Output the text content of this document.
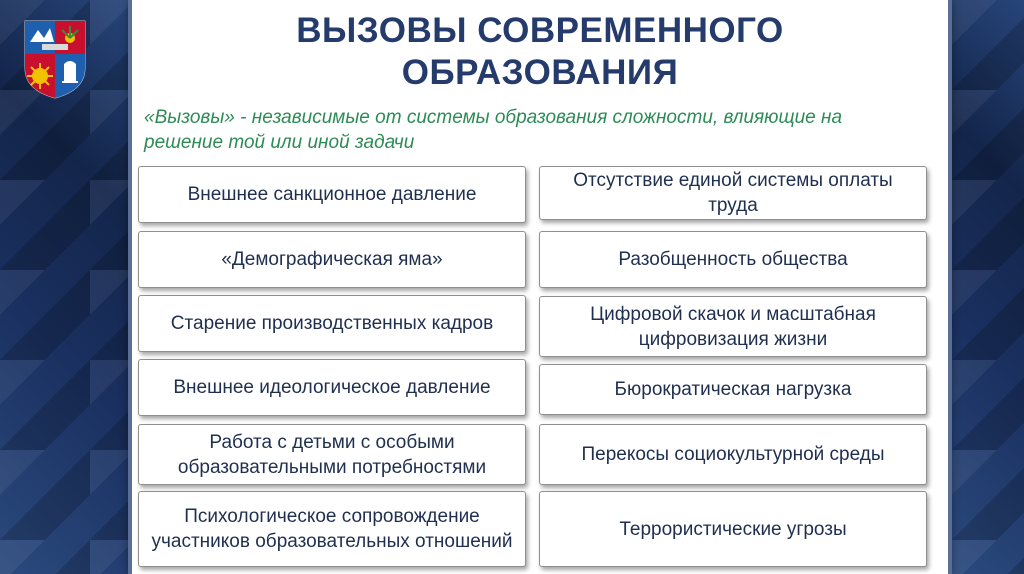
ВЫЗОВЫ СОВРЕМЕННОГО
ОБРАЗОВАНИЯ
«Вызовы» - независимые от системы образования сложности, влияющие на решение той или иной задачи
Внешнее санкционное давление
«Демографическая яма»
Старение производственных кадров
Внешнее идеологическое давление
Работа с детьми с особыми образовательными потребностями
Психологическое сопровождение участников образовательных отношений
Отсутствие единой системы оплаты труда
Разобщенность общества
Цифровой скачок и масштабная цифровизация жизни
Бюрократическая нагрузка
Перекосы социокультурной среды
Террористические угрозы
